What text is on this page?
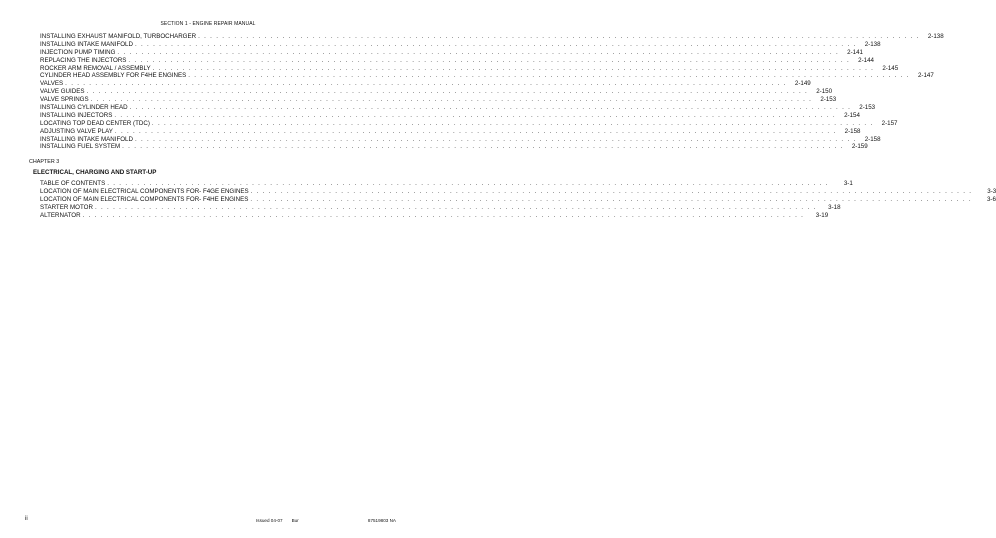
SECTION 1 - ENGINE REPAIR MANUAL
INSTALLING EXHAUST MANIFOLD, TURBOCHARGER . . . . . . . . . . . . . . . . . . . . . . . . . . . . . . . . . . . . . . . . . . . . . . . . . . . . . . . . . . . . . . . . . . . . . . . . . . . . . . . . . . . . . . . . . . . . . . . . . . . . . . . . . . . . . . . . . . . . . . . .	2-138
INSTALLING INTAKE MANIFOLD . . . . . . . . . . . . . . . . . . . . . . . . . . . . . . . . . . . . . . . . . . . . . . . . . . . . . . . . . . . . . . . . . . . . . . . . . . . . . . . . . . . . . . . . . . . . . . . . . . . . . . . . . . . . . . . . . . . . . . . .	2-138
INJECTION PUMP TIMING . . . . . . . . . . . . . . . . . . . . . . . . . . . . . . . . . . . . . . . . . . . . . . . . . . . . . . . . . . . . . . . . . . . . . . . . . . . . . . . . . . . . . . . . . . . . . . . . . . . . . . . . . . . . . . . . . . . . . . . .	2-141
REPLACING THE INJECTORS . . . . . . . . . . . . . . . . . . . . . . . . . . . . . . . . . . . . . . . . . . . . . . . . . . . . . . . . . . . . . . . . . . . . . . . . . . . . . . . . . . . . . . . . . . . . . . . . . . . . . . . . . . . . . . . . . . . . . . . .	2-144
ROCKER ARM REMOVAL / ASSEMBLY . . . . . . . . . . . . . . . . . . . . . . . . . . . . . . . . . . . . . . . . . . . . . . . . . . . . . . . . . . . . . . . . . . . . . . . . . . . . . . . . . . . . . . . . . . . . . . . . . . . . . . . . . . . . . . . . . . . . . . . .	2-145
CYLINDER HEAD ASSEMBLY FOR F4HE ENGINES . . . . . . . . . . . . . . . . . . . . . . . . . . . . . . . . . . . . . . . . . . . . . . . . . . . . . . . . . . . . . . . . . . . . . . . . . . . . . . . . . . . . . . . . . . . . . . . . . . . . . . . . . . . . . . . . . . . . . . . .	2-147
VALVES . . . . . . . . . . . . . . . . . . . . . . . . . . . . . . . . . . . . . . . . . . . . . . . . . . . . . . . . . . . . . . . . . . . . . . . . . . . . . . . . . . . . . . . . . . . . . . . . . . . . . . . . . . . . . . . . . . . . . . . .	2-149
VALVE GUIDES . . . . . . . . . . . . . . . . . . . . . . . . . . . . . . . . . . . . . . . . . . . . . . . . . . . . . . . . . . . . . . . . . . . . . . . . . . . . . . . . . . . . . . . . . . . . . . . . . . . . . . . . . . . . . . . . . . . . . . . .	2-150
VALVE SPRINGS . . . . . . . . . . . . . . . . . . . . . . . . . . . . . . . . . . . . . . . . . . . . . . . . . . . . . . . . . . . . . . . . . . . . . . . . . . . . . . . . . . . . . . . . . . . . . . . . . . . . . . . . . . . . . . . . . . . . . . . .	2-153
INSTALLING CYLINDER HEAD . . . . . . . . . . . . . . . . . . . . . . . . . . . . . . . . . . . . . . . . . . . . . . . . . . . . . . . . . . . . . . . . . . . . . . . . . . . . . . . . . . . . . . . . . . . . . . . . . . . . . . . . . . . . . . . . . . . . . . . .	2-153
INSTALLING INJECTORS . . . . . . . . . . . . . . . . . . . . . . . . . . . . . . . . . . . . . . . . . . . . . . . . . . . . . . . . . . . . . . . . . . . . . . . . . . . . . . . . . . . . . . . . . . . . . . . . . . . . . . . . . . . . . . . . . . . . . . . .	2-154
LOCATING TOP DEAD CENTER (TDC) . . . . . . . . . . . . . . . . . . . . . . . . . . . . . . . . . . . . . . . . . . . . . . . . . . . . . . . . . . . . . . . . . . . . . . . . . . . . . . . . . . . . . . . . . . . . . . . . . . . . . . . . . . . . . . . . . . . . . . . .	2-157
ADJUSTING VALVE PLAY . . . . . . . . . . . . . . . . . . . . . . . . . . . . . . . . . . . . . . . . . . . . . . . . . . . . . . . . . . . . . . . . . . . . . . . . . . . . . . . . . . . . . . . . . . . . . . . . . . . . . . . . . . . . . . . . . . . . . . . .	2-158
INSTALLING INTAKE MANIFOLD . . . . . . . . . . . . . . . . . . . . . . . . . . . . . . . . . . . . . . . . . . . . . . . . . . . . . . . . . . . . . . . . . . . . . . . . . . . . . . . . . . . . . . . . . . . . . . . . . . . . . . . . . . . . . . . . . . . . . . . .	2-158
INSTALLING FUEL SYSTEM . . . . . . . . . . . . . . . . . . . . . . . . . . . . . . . . . . . . . . . . . . . . . . . . . . . . . . . . . . . . . . . . . . . . . . . . . . . . . . . . . . . . . . . . . . . . . . . . . . . . . . . . . . . . . . . . . . . . . . . .	2-159
CHAPTER 3
ELECTRICAL, CHARGING AND START-UP
TABLE OF CONTENTS . . . . . . . . . . . . . . . . . . . . . . . . . . . . . . . . . . . . . . . . . . . . . . . . . . . . . . . . . . . . . . . . . . . . . . . . . . . . . . . . . . . . . . . . . . . . . . . . . . . . . . . . . . . . . . . . . . . . . . . .	3-1
LOCATION OF MAIN ELECTRICAL COMPONENTS FOR- F4GE ENGINES . . . . . . . . . . . . . . . . . . . . . . . . . . . . . . . . . . . . . . . . . . . . . . . . . . . . . . . . . . . . . . . . . . . . . . . . . . . . . . . . . . . . . . . . . . . . . . . . . . . . . . . . . . . . . . . . . . . . . . . .	3-3
LOCATION OF MAIN ELECTRICAL COMPONENTS FOR- F4HE ENGINES . . . . . . . . . . . . . . . . . . . . . . . . . . . . . . . . . . . . . . . . . . . . . . . . . . . . . . . . . . . . . . . . . . . . . . . . . . . . . . . . . . . . . . . . . . . . . . . . . . . . . . . . . . . . . . . . . . . . . . . .	3-6
STARTER MOTOR . . . . . . . . . . . . . . . . . . . . . . . . . . . . . . . . . . . . . . . . . . . . . . . . . . . . . . . . . . . . . . . . . . . . . . . . . . . . . . . . . . . . . . . . . . . . . . . . . . . . . . . . . . . . . . . . . . . . . . . .	3-18
ALTERNATOR . . . . . . . . . . . . . . . . . . . . . . . . . . . . . . . . . . . . . . . . . . . . . . . . . . . . . . . . . . . . . . . . . . . . . . . . . . . . . . . . . . . . . . . . . . . . . . . . . . . . . . . . . . . . . . . . . . . . . . . .	3-19
ii	Issued 04-07 Bur	87519803 NA
